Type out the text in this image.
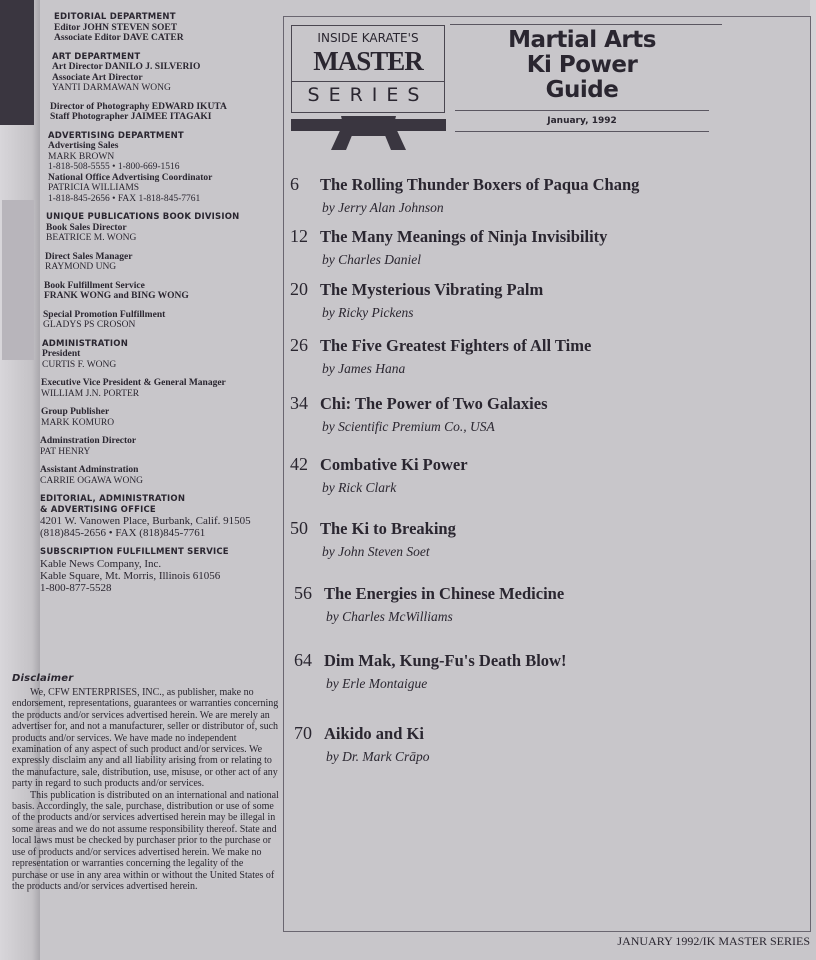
EDITORIAL DEPARTMENT
Editor JOHN STEVEN SOET
Associate Editor DAVE CATER
ART DEPARTMENT
Art Director DANILO J. SILVERIO
Associate Art Director
YANTI DARMAWAN WONG
Director of Photography EDWARD IKUTA
Staff Photographer JAIMEE ITAGAKI
ADVERTISING DEPARTMENT
Advertising Sales
MARK BROWN
1-818-508-5555 • 1-800-669-1516
National Office Advertising Coordinator
PATRICIA WILLIAMS
1-818-845-2656 • FAX 1-818-845-7761
UNIQUE PUBLICATIONS BOOK DIVISION
Book Sales Director
BEATRICE M. WONG
Direct Sales Manager
RAYMOND UNG
Book Fulfillment Service
FRANK WONG and BING WONG
Special Promotion Fulfillment
GLADYS PS CROSON
ADMINISTRATION
President
CURTIS F. WONG
Executive Vice President & General Manager
WILLIAM J.N. PORTER
Group Publisher
MARK KOMURO
Adminstration Director
PAT HENRY
Assistant Adminstration
CARRIE OGAWA WONG
EDITORIAL, ADMINISTRATION
& ADVERTISING OFFICE
4201 W. Vanowen Place, Burbank, Calif. 91505
(818)845-2656 • FAX (818)845-7761
SUBSCRIPTION FULFILLMENT SERVICE
Kable News Company, Inc.
Kable Square, Mt. Morris, Illinois 61056
1-800-877-5528
Disclaimer

We, CFW ENTERPRISES, INC., as publisher, make no endorsement, representations, guarantees or warranties concerning the products and/or services advertised herein. We are merely an advertiser for, and not a manufacturer, seller or distributor of, such products and/or services. We have made no independent examination of any aspect of such product and/or services. We expressly disclaim any and all liability arising from or relating to the manufacture, sale, distribution, use, misuse, or other act of any party in regard to such products and/or services.

This publication is distributed on an international and national basis. Accordingly, the sale, purchase, distribution or use of some of the products and/or services advertised herein may be illegal in some areas and we do not assume responsibility thereof. State and local laws must be checked by purchaser prior to the purchase or use of products and/or services advertised herein. We make no representation or warranties concerning the legality of the purchase or use in any area within or without the United States of the products and/or services advertised herein.

INSIDE KARATE'S
MASTER
SERIES
Martial Arts
Ki Power
Guide
January, 1992
6 The Rolling Thunder Boxers of Paqua Chang
by Jerry Alan Johnson
12 The Many Meanings of Ninja Invisibility
by Charles Daniel
20 The Mysterious Vibrating Palm
by Ricky Pickens
26 The Five Greatest Fighters of All Time
by James Hana
34 Chi: The Power of Two Galaxies
by Scientific Premium Co., USA
42 Combative Ki Power
by Rick Clark
50 The Ki to Breaking
by John Steven Soet
56 The Energies in Chinese Medicine
by Charles McWilliams
64 Dim Mak, Kung-Fu's Death Blow!
by Erle Montaigue
70 Aikido and Ki
by Dr. Mark Crāpo
JANUARY 1992/IK MASTER SERIES
